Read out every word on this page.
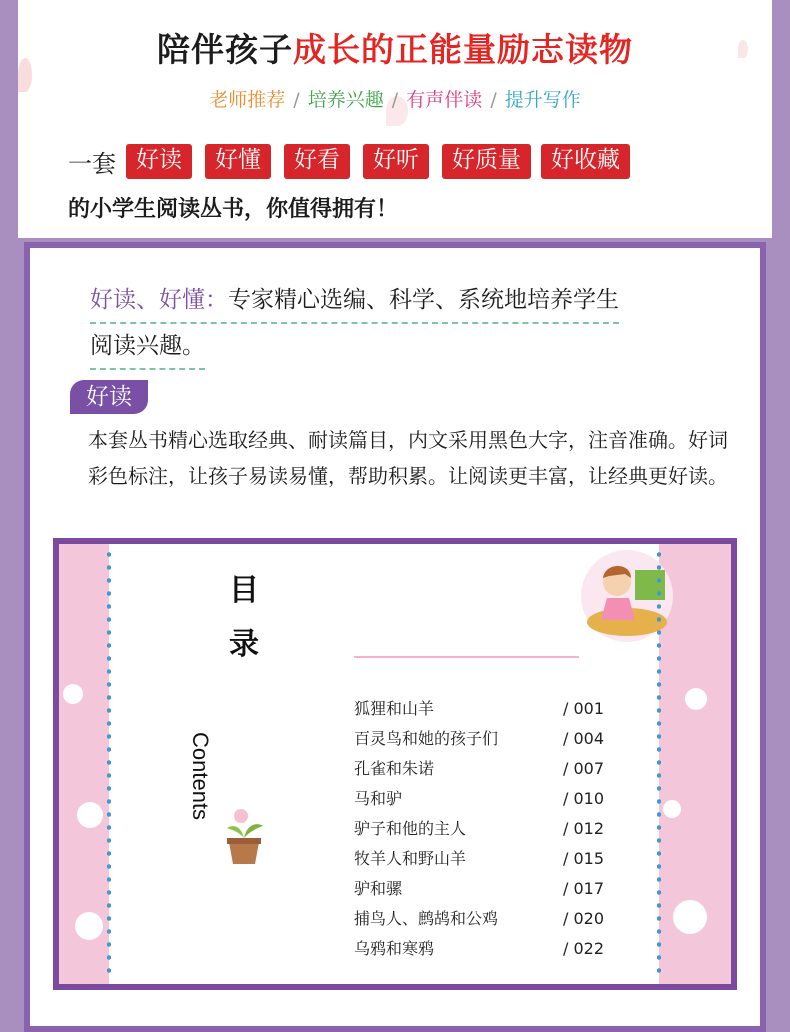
陪伴孩子成长的正能量励志读物
老师推荐 / 培养兴趣 / 有声伴读 / 提升写作
一套 好读	好懂	好看	好听	好质量	好收藏
的小学生阅读丛书，你值得拥有！
好读、好懂：专家精心选编、科学、系统地培养学生
阅读兴趣。
好读
本套丛书精心选取经典、耐读篇目，内文采用黑色大字，注音准确。好词彩色标注，让孩子易读易懂，帮助积累。让阅读更丰富，让经典更好读。
目
录
Contents
狐狸和山羊	/ 001
百灵鸟和她的孩子们	/ 004
孔雀和朱诺	/ 007
马和驴	/ 010
驴子和他的主人	/ 012
牧羊人和野山羊	/ 015
驴和骡	/ 017
捕鸟人、鹧鸪和公鸡	/ 020
乌鸦和寒鸦	/ 022
